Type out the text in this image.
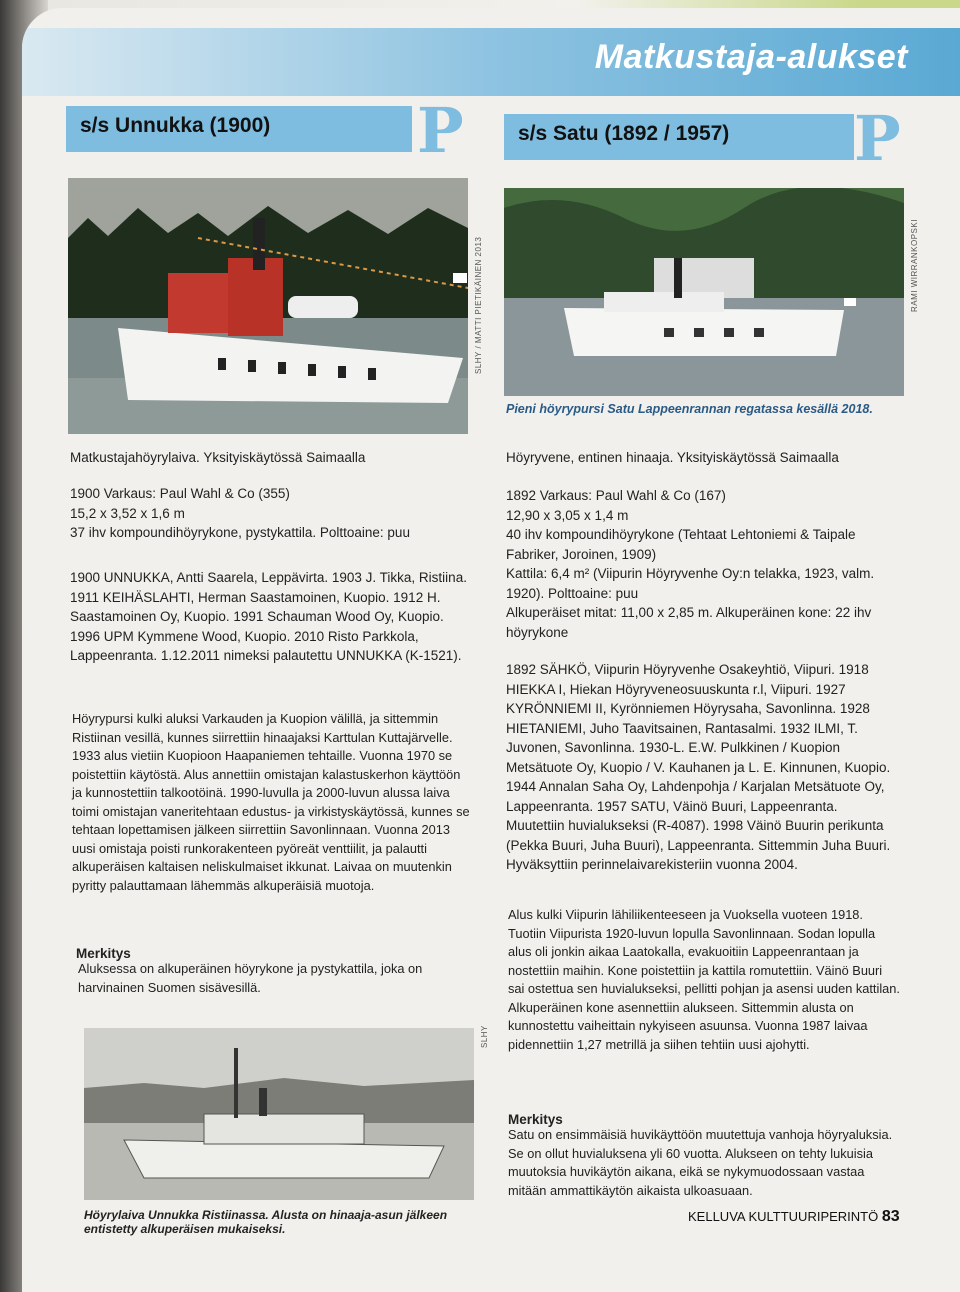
Matkustaja-alukset
s/s Unnukka (1900) P	s/s Satu (1892 / 1957) P
SLHY / MATTI PIETIKÄINEN 2013	RAMI WIRRANKOPSKI
Pieni höyrypursi Satu Lappeenrannan regatassa kesällä 2018.
Matkustajahöyrylaiva. Yksityiskäytössä Saimaalla
1900 Varkaus: Paul Wahl & Co (355)
15,2 x 3,52 x 1,6 m
37 ihv kompoundihöyrykone, pystykattila. Polttoaine: puu
1900 UNNUKKA, Antti Saarela, Leppävirta. 1903 J. Tikka, Ristiina. 1911 KEIHÄSLAHTI, Herman Saastamoinen, Kuopio. 1912 H. Saastamoinen Oy, Kuopio. 1991 Schauman Wood Oy, Kuopio. 1996 UPM Kymmene Wood, Kuopio. 2010 Risto Parkkola, Lappeenranta. 1.12.2011 nimeksi palautettu UNNUKKA (K-1521).
Höyrypursi kulki aluksi Varkauden ja Kuopion välillä, ja sittemmin Ristiinan vesillä, kunnes siirrettiin hinaajaksi Karttulan Kuttajärvelle. 1933 alus vietiin Kuopioon Haapaniemen tehtaille. Vuonna 1970 se poistettiin käytöstä. Alus annettiin omistajan kalastuskerhon käyttöön ja kunnostettiin talkootöinä. 1990-luvulla ja 2000-luvun alussa laiva toimi omistajan vaneritehtaan edustus- ja virkistyskäytössä, kunnes se tehtaan lopettamisen jälkeen siirrettiin Savonlinnaan. Vuonna 2013 uusi omistaja poisti runkorakenteen pyöreät venttiilit, ja palautti alkuperäisen kaltaisen neliskulmaiset ikkunat. Laivaa on muutenkin pyritty palauttamaan lähemmäs alkuperäisiä muotoja.
Merkitys
Aluksessa on alkuperäinen höyrykone ja pystykattila, joka on harvinainen Suomen sisävesillä.
SLHY
Höyrylaiva Unnukka Ristiinassa. Alusta on hinaaja-asun jälkeen entistetty alkuperäisen mukaiseksi.
Höyryvene, entinen hinaaja. Yksityiskäytössä Saimaalla
1892 Varkaus: Paul Wahl & Co (167)
12,90 x 3,05 x 1,4 m
40 ihv kompoundihöyrykone (Tehtaat Lehtoniemi & Taipale Fabriker, Joroinen, 1909)
Kattila: 6,4 m² (Viipurin Höyryvenhe Oy:n telakka, 1923, valm. 1920). Polttoaine: puu
Alkuperäiset mitat: 11,00 x 2,85 m. Alkuperäinen kone: 22 ihv höyrykone
1892 SÄHKÖ, Viipurin Höyryvenhe Osakeyhtiö, Viipuri. 1918 HIEKKA I, Hiekan Höyryveneosuuskunta r.l, Viipuri. 1927 KYRÖNNIEMI II, Kyrönniemen Höyrysaha, Savonlinna. 1928 HIETANIEMI, Juho Taavitsainen, Rantasalmi. 1932 ILMI, T. Juvonen, Savonlinna. 1930-L. E.W. Pulkkinen / Kuopion Metsätuote Oy, Kuopio / V. Kauhanen ja L. E. Kinnunen, Kuopio. 1944 Annalan Saha Oy, Lahdenpohja / Karjalan Metsätuote Oy, Lappeenranta. 1957 SATU, Väinö Buuri, Lappeenranta. Muutettiin huvialukseksi (R-4087). 1998 Väinö Buurin perikunta (Pekka Buuri, Juha Buuri), Lappeenranta. Sittemmin Juha Buuri. Hyväksyttiin perinnelaivarekisteriin vuonna 2004.
Alus kulki Viipurin lähiliikenteeseen ja Vuoksella vuoteen 1918. Tuotiin Viipurista 1920-luvun lopulla Savonlinnaan. Sodan lopulla alus oli jonkin aikaa Laatokalla, evakuoitiin Lappeenrantaan ja nostettiin maihin. Kone poistettiin ja kattila romutettiin. Väinö Buuri sai ostettua sen huvialukseksi, pellitti pohjan ja asensi uuden kattilan. Alkuperäinen kone asennettiin alukseen. Sittemmin alusta on kunnostettu vaiheittain nykyiseen asuunsa. Vuonna 1987 laivaa pidennettiin 1,27 metrillä ja siihen tehtiin uusi ajohytti.
Merkitys
Satu on ensimmäisiä huvikäyttöön muutettuja vanhoja höyryaluksia. Se on ollut huvialuksena yli 60 vuotta. Alukseen on tehty lukuisia muutoksia huvikäytön aikana, eikä se nykymuodossaan vastaa mitään ammattikäytön aikaista ulkoasuaan.
KELLUVA KULTTUURIPERINTÖ 83
